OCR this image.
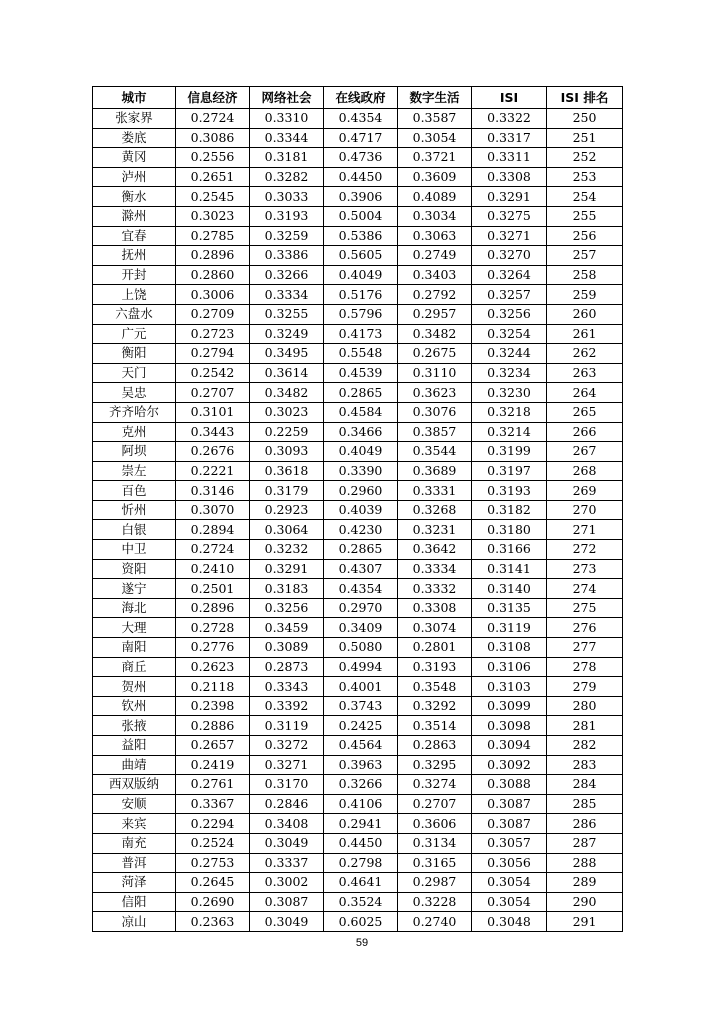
城市	信息经济	网络社会	在线政府	数字生活	ISI	ISI 排名
张家界	0.2724	0.3310	0.4354	0.3587	0.3322	250
娄底	0.3086	0.3344	0.4717	0.3054	0.3317	251
黄冈	0.2556	0.3181	0.4736	0.3721	0.3311	252
泸州	0.2651	0.3282	0.4450	0.3609	0.3308	253
衡水	0.2545	0.3033	0.3906	0.4089	0.3291	254
滁州	0.3023	0.3193	0.5004	0.3034	0.3275	255
宜春	0.2785	0.3259	0.5386	0.3063	0.3271	256
抚州	0.2896	0.3386	0.5605	0.2749	0.3270	257
开封	0.2860	0.3266	0.4049	0.3403	0.3264	258
上饶	0.3006	0.3334	0.5176	0.2792	0.3257	259
六盘水	0.2709	0.3255	0.5796	0.2957	0.3256	260
广元	0.2723	0.3249	0.4173	0.3482	0.3254	261
衡阳	0.2794	0.3495	0.5548	0.2675	0.3244	262
天门	0.2542	0.3614	0.4539	0.3110	0.3234	263
吴忠	0.2707	0.3482	0.2865	0.3623	0.3230	264
齐齐哈尔	0.3101	0.3023	0.4584	0.3076	0.3218	265
克州	0.3443	0.2259	0.3466	0.3857	0.3214	266
阿坝	0.2676	0.3093	0.4049	0.3544	0.3199	267
崇左	0.2221	0.3618	0.3390	0.3689	0.3197	268
百色	0.3146	0.3179	0.2960	0.3331	0.3193	269
忻州	0.3070	0.2923	0.4039	0.3268	0.3182	270
白银	0.2894	0.3064	0.4230	0.3231	0.3180	271
中卫	0.2724	0.3232	0.2865	0.3642	0.3166	272
资阳	0.2410	0.3291	0.4307	0.3334	0.3141	273
遂宁	0.2501	0.3183	0.4354	0.3332	0.3140	274
海北	0.2896	0.3256	0.2970	0.3308	0.3135	275
大理	0.2728	0.3459	0.3409	0.3074	0.3119	276
南阳	0.2776	0.3089	0.5080	0.2801	0.3108	277
商丘	0.2623	0.2873	0.4994	0.3193	0.3106	278
贺州	0.2118	0.3343	0.4001	0.3548	0.3103	279
钦州	0.2398	0.3392	0.3743	0.3292	0.3099	280
张掖	0.2886	0.3119	0.2425	0.3514	0.3098	281
益阳	0.2657	0.3272	0.4564	0.2863	0.3094	282
曲靖	0.2419	0.3271	0.3963	0.3295	0.3092	283
西双版纳	0.2761	0.3170	0.3266	0.3274	0.3088	284
安顺	0.3367	0.2846	0.4106	0.2707	0.3087	285
来宾	0.2294	0.3408	0.2941	0.3606	0.3087	286
南充	0.2524	0.3049	0.4450	0.3134	0.3057	287
普洱	0.2753	0.3337	0.2798	0.3165	0.3056	288
菏泽	0.2645	0.3002	0.4641	0.2987	0.3054	289
信阳	0.2690	0.3087	0.3524	0.3228	0.3054	290
凉山	0.2363	0.3049	0.6025	0.2740	0.3048	291
59
